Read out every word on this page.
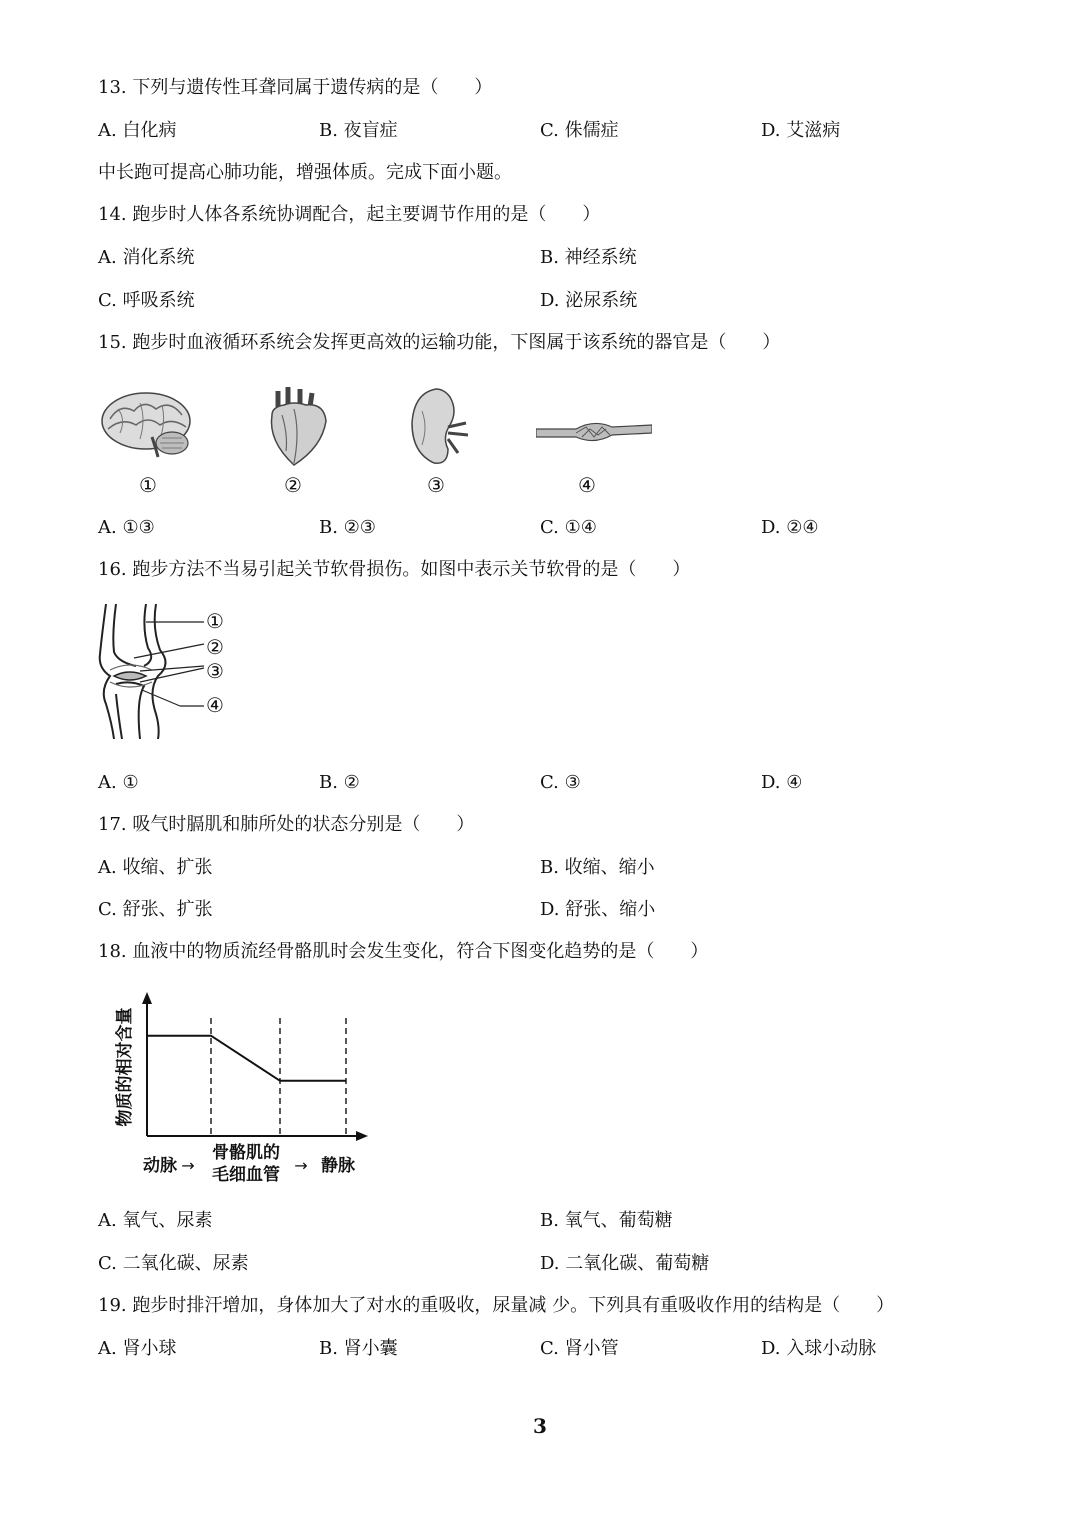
13. 下列与遗传性耳聋同属于遗传病的是（　　）
A. 白化病	B. 夜盲症	C. 侏儒症	D. 艾滋病
中长跑可提高心肺功能，增强体质。完成下面小题。
14. 跑步时人体各系统协调配合，起主要调节作用的是（　　）
A. 消化系统	B. 神经系统
C. 呼吸系统	D. 泌尿系统
15. 跑步时血液循环系统会发挥更高效的运输功能，下图属于该系统的器官是（　　）
①	②	③	④
A. ①③	B. ②③	C. ①④	D. ②④
16. 跑步方法不当易引起关节软骨损伤。如图中表示关节软骨的是（　　）
①
②
③
④
A. ①	B. ②	C. ③	D. ④
17. 吸气时膈肌和肺所处的状态分别是（　　）
A. 收缩、扩张	B. 收缩、缩小
C. 舒张、扩张	D. 舒张、缩小
18. 血液中的物质流经骨骼肌时会发生变化，符合下图变化趋势的是（　　）
物质的相对含量
动脉 →
骨骼肌的
毛细血管 → 静脉
A. 氧气、尿素	B. 氧气、葡萄糖
C. 二氧化碳、尿素	D. 二氧化碳、葡萄糖
19. 跑步时排汗增加，身体加大了对水的重吸收，尿量减 少。下列具有重吸收作用的结构是（　　）
A. 肾小球	B. 肾小囊	C. 肾小管	D. 入球小动脉
3
